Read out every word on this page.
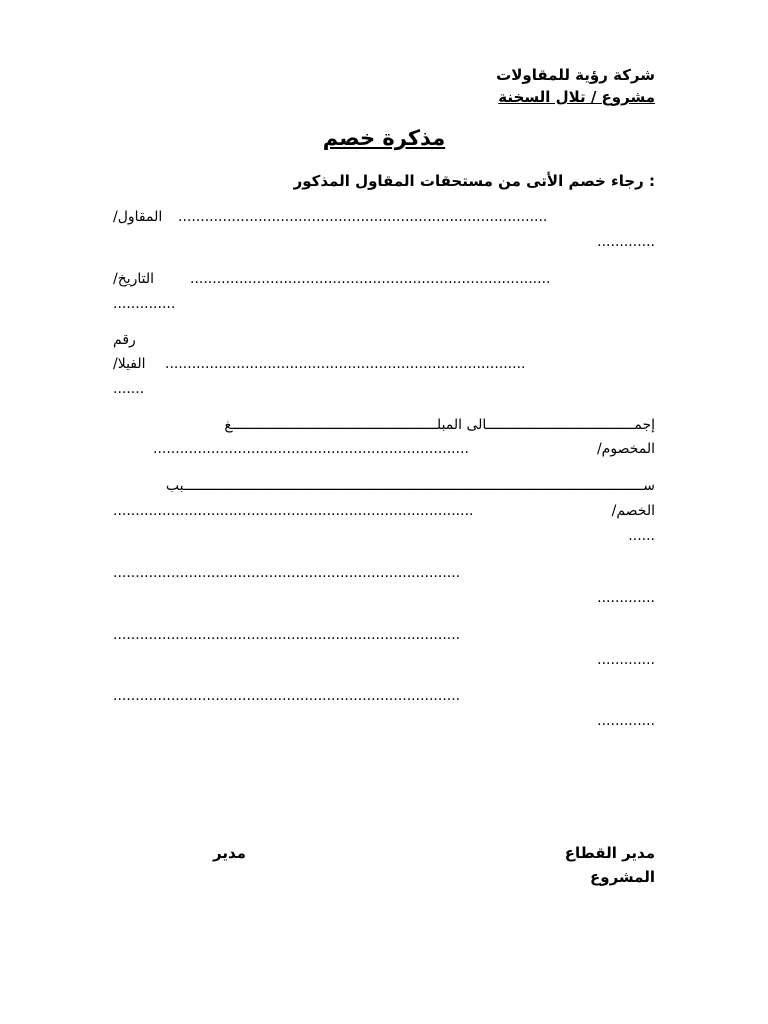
شركة رؤية للمقاولات
مشروع / تلال السخنة
مذكرة خصم
: رجاء خصم الأتى من مستحقات المقاول المذكور
المقاول/ ...................................................................................
.............
التاريخ/	.................................................................................
..............
رقم
الفيلا/ .................................................................................
.......
إجمــــــــــــــــــــــــــــــــــــالى المبلــــــــــــــــــــــــــــــــــــــــــــــــــغ
المخصوم/
.......................................................................
ســــــــــــــــــــــــــــــــــــــــــــــــــــــــــــــــــــــــــــــــــــــــــــــــــــــــــــــــبب
الخصم/
.................................................................................
......
..............................................................................
.............
..............................................................................
.............
..............................................................................
.............
مدير القطاع
المشروع
مدير
